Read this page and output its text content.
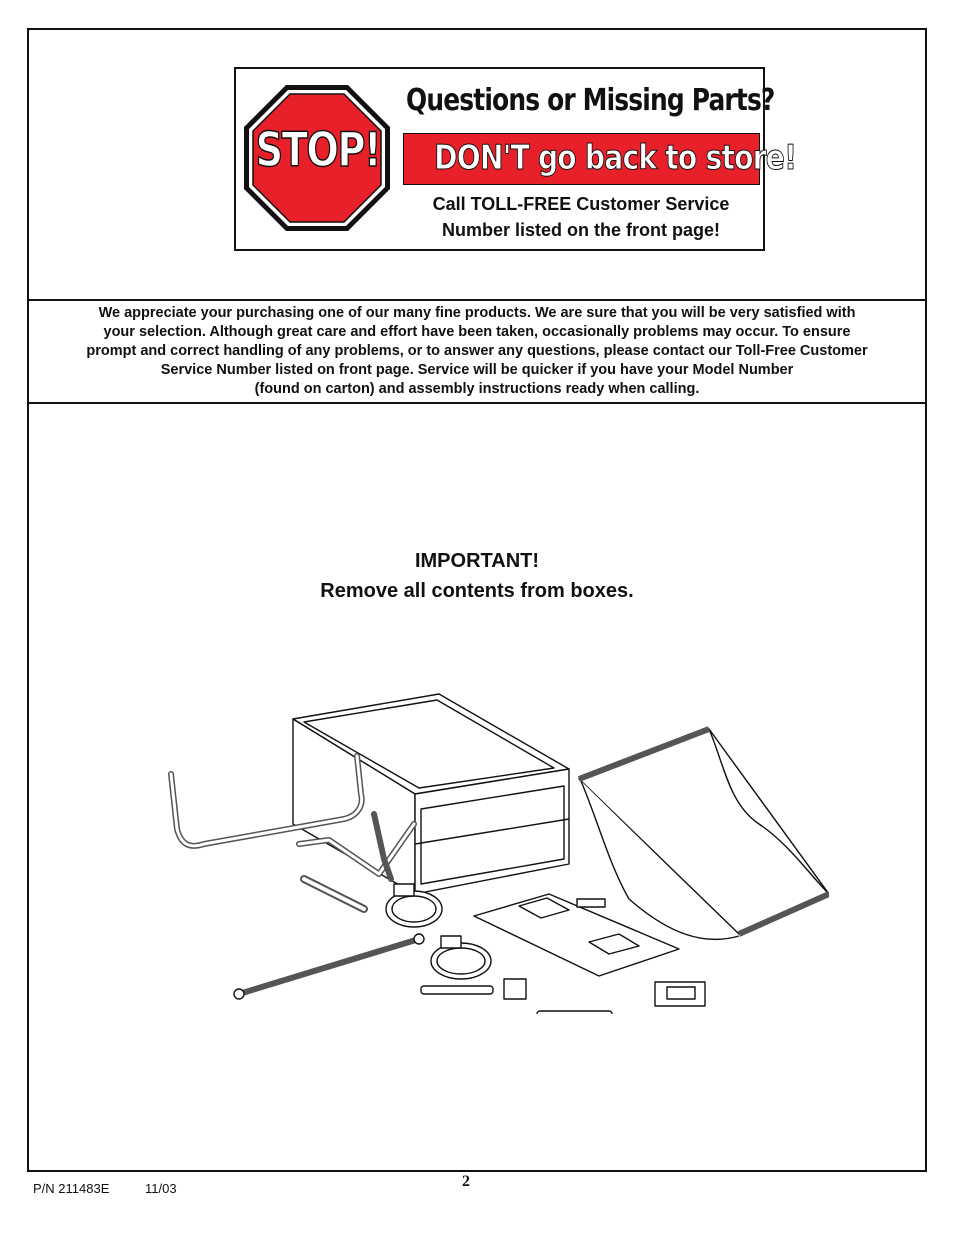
STOP!
Questions or Missing Parts?
DON'T go back to store!
Call TOLL-FREE Customer Service
Number listed on the front page!
We appreciate your purchasing one of our many fine products. We are sure that you will be very satisfied with
your selection. Although great care and effort have been taken, occasionally problems may occur. To ensure
prompt and correct handling of any problems, or to answer any questions, please contact our Toll-Free Customer
Service Number listed on front page. Service will be quicker if you have your Model Number
(found on carton) and assembly instructions ready when calling.
IMPORTANT!
Remove all contents from boxes.
P/N 211483E	11/03	2
